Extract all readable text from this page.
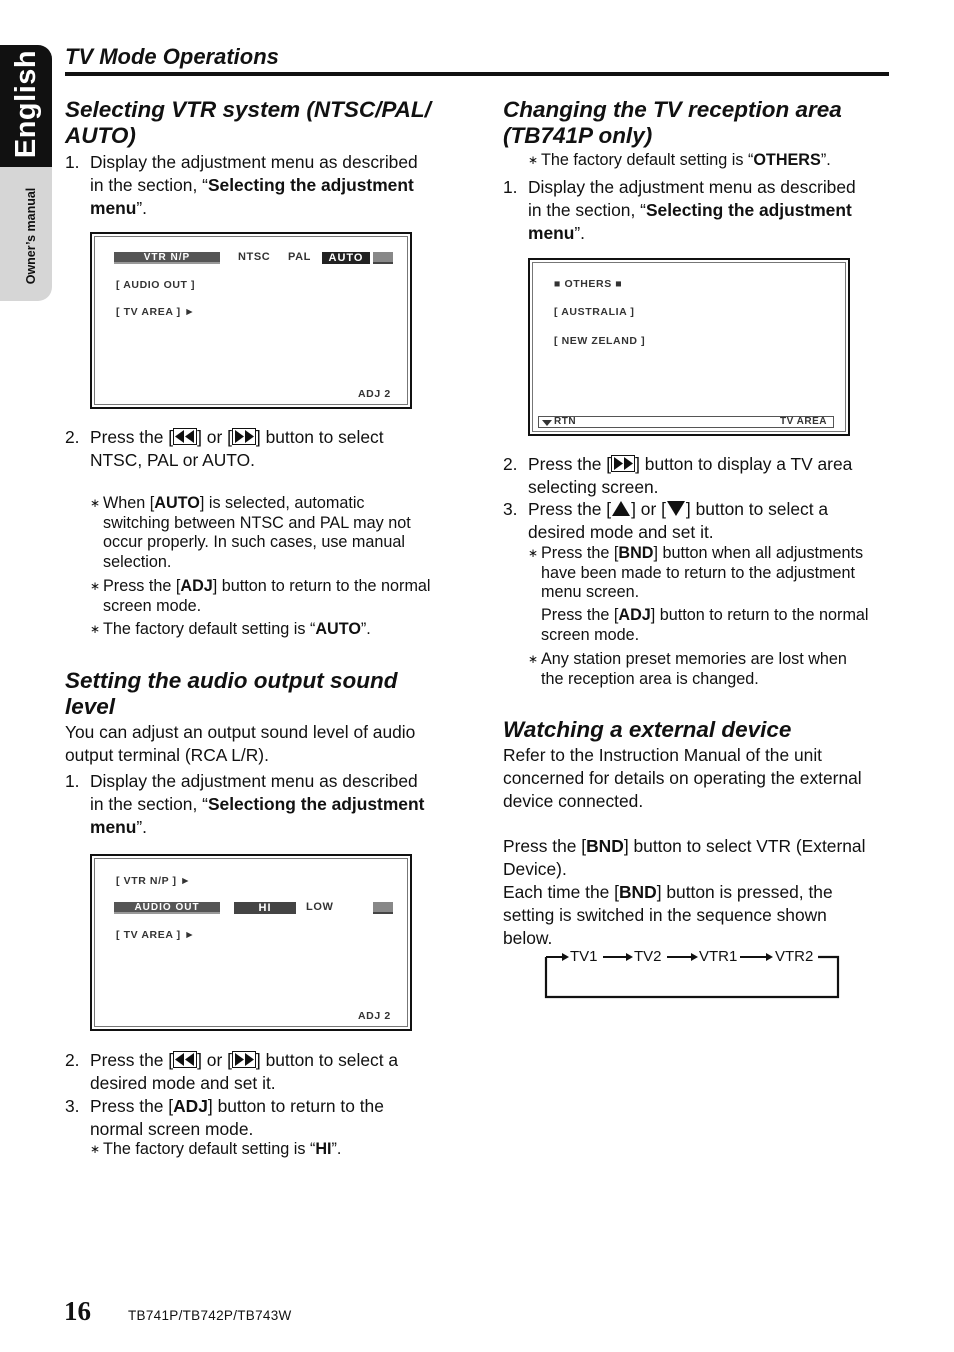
English
Owner’s manual
TV Mode Operations
Selecting VTR system (NTSC/PAL/
AUTO)
1. Display the adjustment menu as described
in the section, “Selecting the adjustment
menu”.
VTR N/P	NTSC PAL	AUTO
[ AUDIO OUT ]
[ TV AREA ] ►
ADJ 2
2. Press the [ ] or [ ] button to select
NTSC, PAL or AUTO.
∗ When [AUTO] is selected, automatic
switching between NTSC and PAL may not
occur properly. In such cases, use manual
selection.
∗ Press the [ADJ] button to return to the normal
screen mode.
∗ The factory default setting is “AUTO”.
Setting the audio output sound
level
You can adjust an output sound level of audio
output terminal (RCA L/R).
1. Display the adjustment menu as described
in the section, “Selectiong the adjustment
menu”.
[ VTR N/P ] ►
AUDIO OUT	HI	LOW
[ TV AREA ] ►
ADJ 2
2. Press the [ ] or [ ] button to select a
desired mode and set it.
3. Press the [ADJ] button to return to the
normal screen mode.
∗ The factory default setting is “HI”.
Changing the TV reception area
(TB741P only)
∗ The factory default setting is “OTHERS”.
1. Display the adjustment menu as described
in the section, “Selecting the adjustment
menu”.
■ OTHERS ■
[ AUSTRALIA ]
[ NEW ZELAND ]
RTN	TV AREA
2. Press the [ ] button to display a TV area
selecting screen.
3. Press the [ ] or [ ] button to select a
desired mode and set it.
∗ Press the [BND] button when all adjustments
have been made to return to the adjustment
menu screen.
Press the [ADJ] button to return to the normal
screen mode.
∗ Any station preset memories are lost when
the reception area is changed.
Watching a external device
Refer to the Instruction Manual of the unit
concerned for details on operating the external
device connected.
Press the [BND] button to select VTR (External
Device).
Each time the [BND] button is pressed, the
setting is switched in the sequence shown
below.
TV1 TV2 VTR1	VTR2
16	TB741P/TB742P/TB743W
